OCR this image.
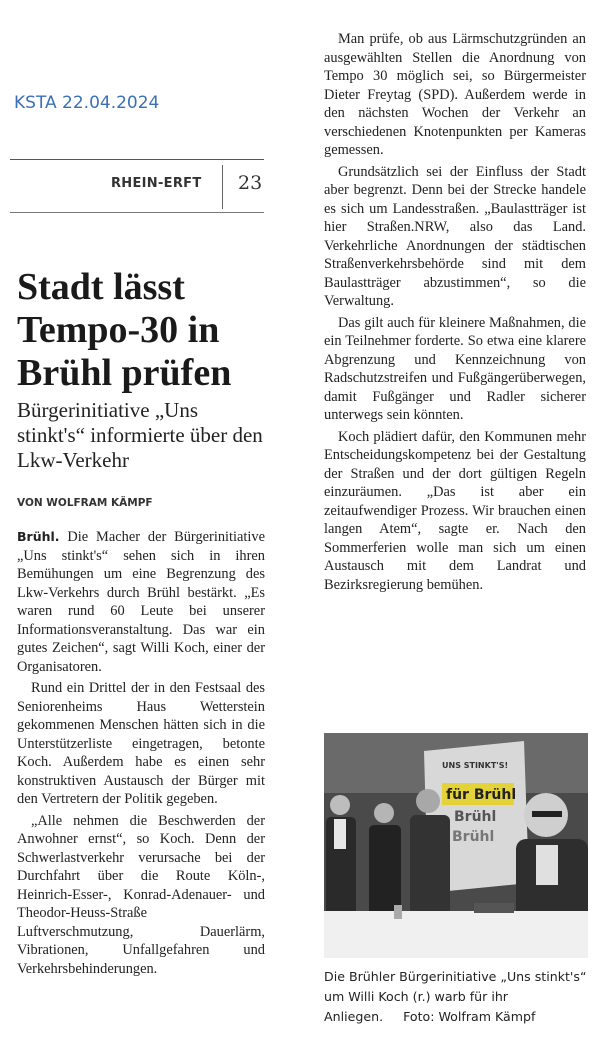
KSTA 22.04.2024
RHEIN-ERFT 23
Stadt lässt
Tempo-30 in
Brühl prüfen
Bürgerinitiative „Uns stinkt's“ informierte über den Lkw-Verkehr
VON WOLFRAM KÄMPF

Brühl. Die Macher der Bürgerinitiative „Uns stinkt's“ sehen sich in ihren Bemühungen um eine Begrenzung des Lkw-Verkehrs durch Brühl bestärkt. „Es waren rund 60 Leute bei unserer Informationsveranstaltung. Das war ein gutes Zeichen“, sagt Willi Koch, einer der Organisatoren.

Rund ein Drittel der in den Festsaal des Seniorenheims Haus Wetterstein gekommenen Menschen hätten sich in die Unterstützerliste eingetragen, betonte Koch. Außerdem habe es einen sehr konstruktiven Austausch der Bürger mit den Vertretern der Politik gegeben.

„Alle nehmen die Beschwerden der Anwohner ernst“, so Koch. Denn der Schwerlastverkehr verursache bei der Durchfahrt über die Route Köln-, Heinrich-Esser-, Konrad-Adenauer- und Theodor-Heuss-Straße Luftverschmutzung, Dauerlärm, Vibrationen, Unfallgefahren und Verkehrsbehinderungen.

Man prüfe, ob aus Lärmschutzgründen an ausgewählten Stellen die Anordnung von Tempo 30 möglich sei, so Bürgermeister Dieter Freytag (SPD). Außerdem werde in den nächsten Wochen der Verkehr an verschiedenen Knotenpunkten per Kameras gemessen.

Grundsätzlich sei der Einfluss der Stadt aber begrenzt. Denn bei der Strecke handele es sich um Landesstraßen. „Baulastträger ist hier Straßen.NRW, also das Land. Verkehrliche Anordnungen der städtischen Straßenverkehrsbehörde sind mit dem Baulastträger abzustimmen“, so die Verwaltung.

Das gilt auch für kleinere Maßnahmen, die ein Teilnehmer forderte. So etwa eine klarere Abgrenzung und Kennzeichnung von Radschutzstreifen und Fußgängerüberwegen, damit Fußgänger und Radler sicherer unterwegs sein könnten.

Koch plädiert dafür, den Kommunen mehr Entscheidungskompetenz bei der Gestaltung der Straßen und der dort gültigen Regeln einzuräumen. „Das ist aber ein zeitaufwendiger Prozess. Wir brauchen einen langen Atem“, sagte er. Nach den Sommerferien wolle man sich um einen Austausch mit dem Landrat und Bezirksregierung bemühen.

UNS STINKT'S!
für Brühl
Brühl
Brühl
Die Brühler Bürgerinitiative „Uns stinkt's“ um Willi Koch (r.) warb für ihr Anliegen. Foto: Wolfram Kämpf
